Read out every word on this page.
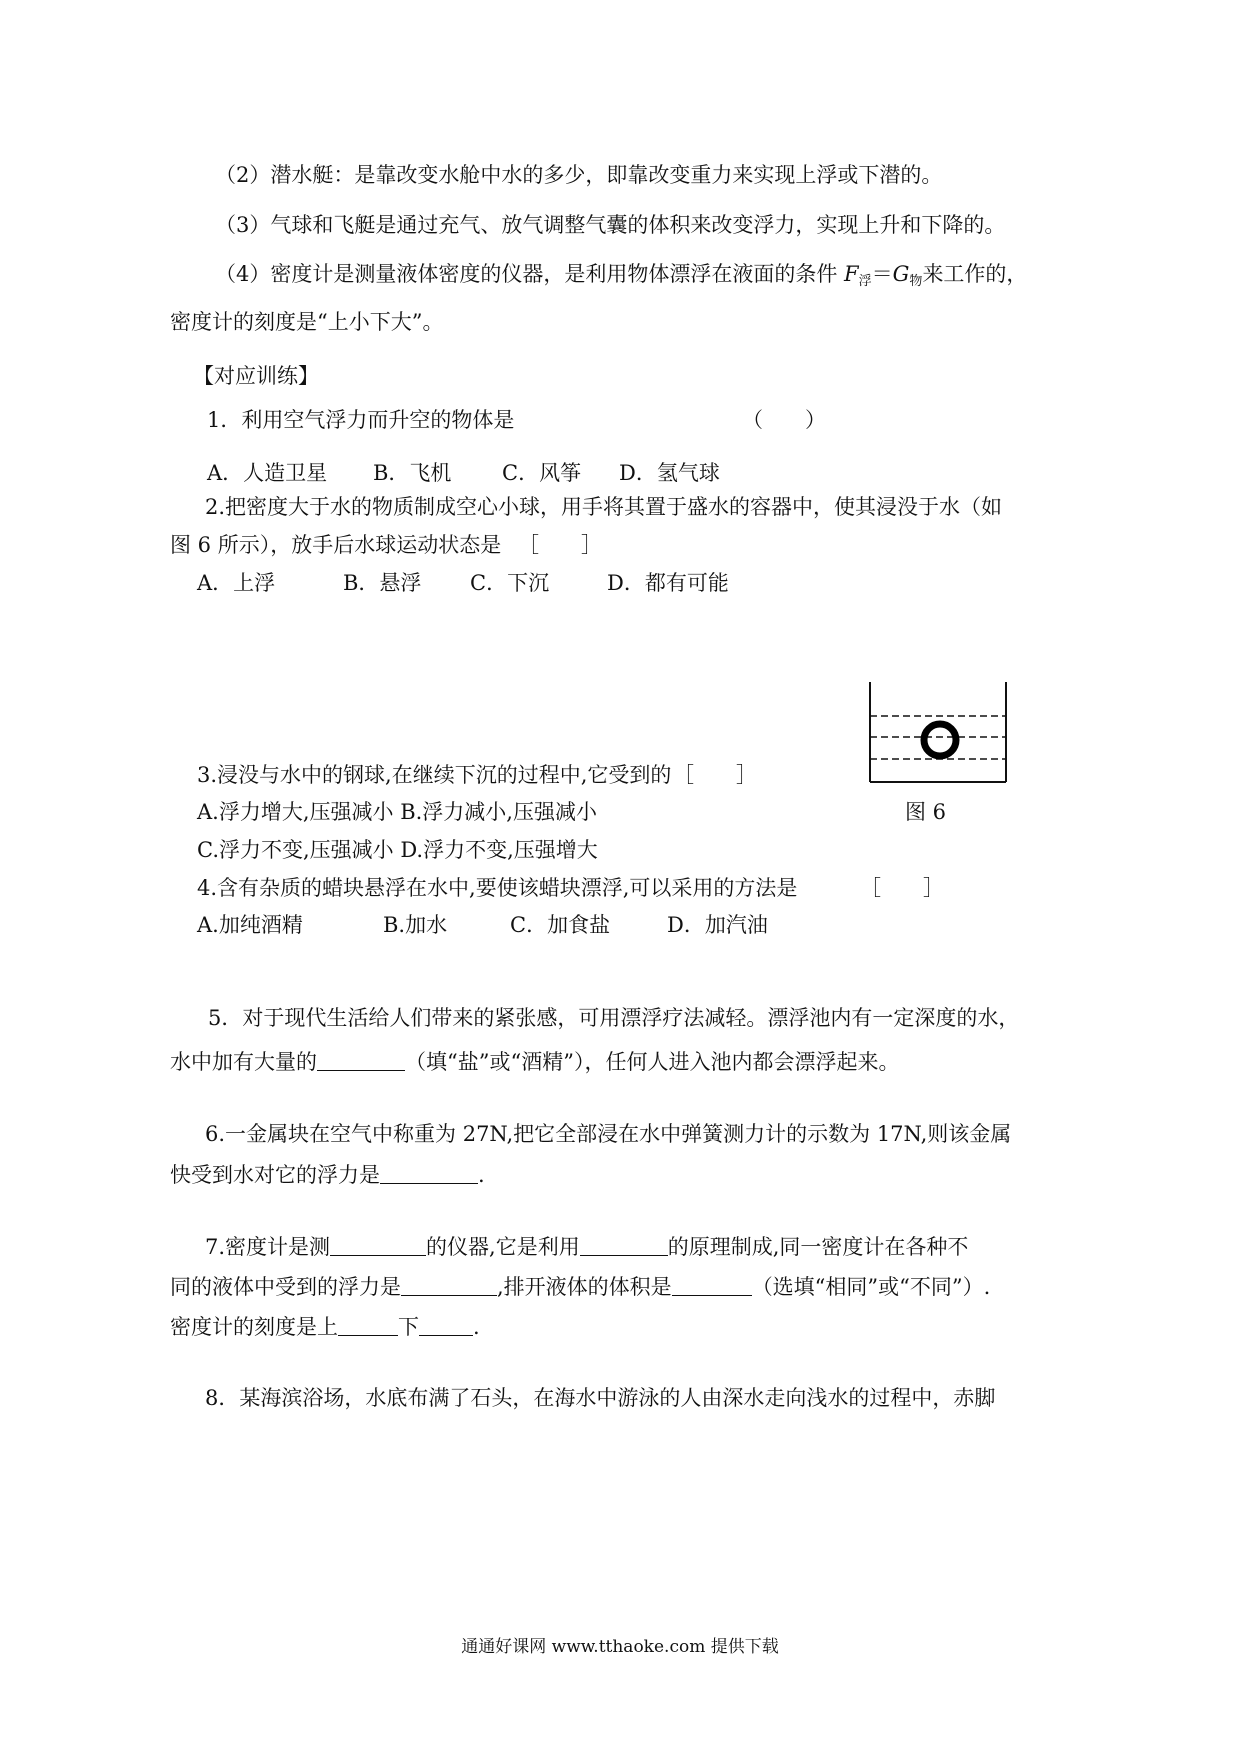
（2）潜水艇：是靠改变水舱中水的多少，即靠改变重力来实现上浮或下潜的。
（3）气球和飞艇是通过充气、放气调整气囊的体积来改变浮力，实现上升和下降的。
（4）密度计是测量液体密度的仪器，是利用物体漂浮在液面的条件 $F_浮=G_物$来工作的，
密度计的刻度是“上小下大”。
【对应训练】
1．利用空气浮力而升空的物体是	（　　）
A．人造卫星 B．飞机 C．风筝 D．氢气球
2.把密度大于水的物质制成空心小球，用手将其置于盛水的容器中，使其浸没于水（如
图 6 所示），放手后水球运动状态是 ［　　］
A．上浮	B．悬浮 C．下沉	D．都有可能
图 6
3.浸没与水中的钢球,在继续下沉的过程中,它受到的 ［　　］
A.浮力增大,压强减小 B.浮力减小,压强减小
C.浮力不变,压强减小 D.浮力不变,压强增大
4.含有杂质的蜡块悬浮在水中,要使该蜡块漂浮,可以采用的方法是	［　　］
A.加纯酒精	B.加水	C．加食盐	D．加汽油
5．对于现代生活给人们带来的紧张感，可用漂浮疗法减轻。漂浮池内有一定深度的水，
水中加有大量的	（填“盐”或“酒精”），任何人进入池内都会漂浮起来。
6.一金属块在空气中称重为 27N,把它全部浸在水中弹簧测力计的示数为 17N,则该金属
快受到水对它的浮力是	.
7.密度计是测	的仪器,它是利用	的原理制成,同一密度计在各种不
同的液体中受到的浮力是	,排开液体的体积是	（选填“相同”或“不同”）.
密度计的刻度是上	下	.
8．某海滨浴场，水底布满了石头，在海水中游泳的人由深水走向浅水的过程中，赤脚
通通好课网 www.tthaoke.com 提供下载
